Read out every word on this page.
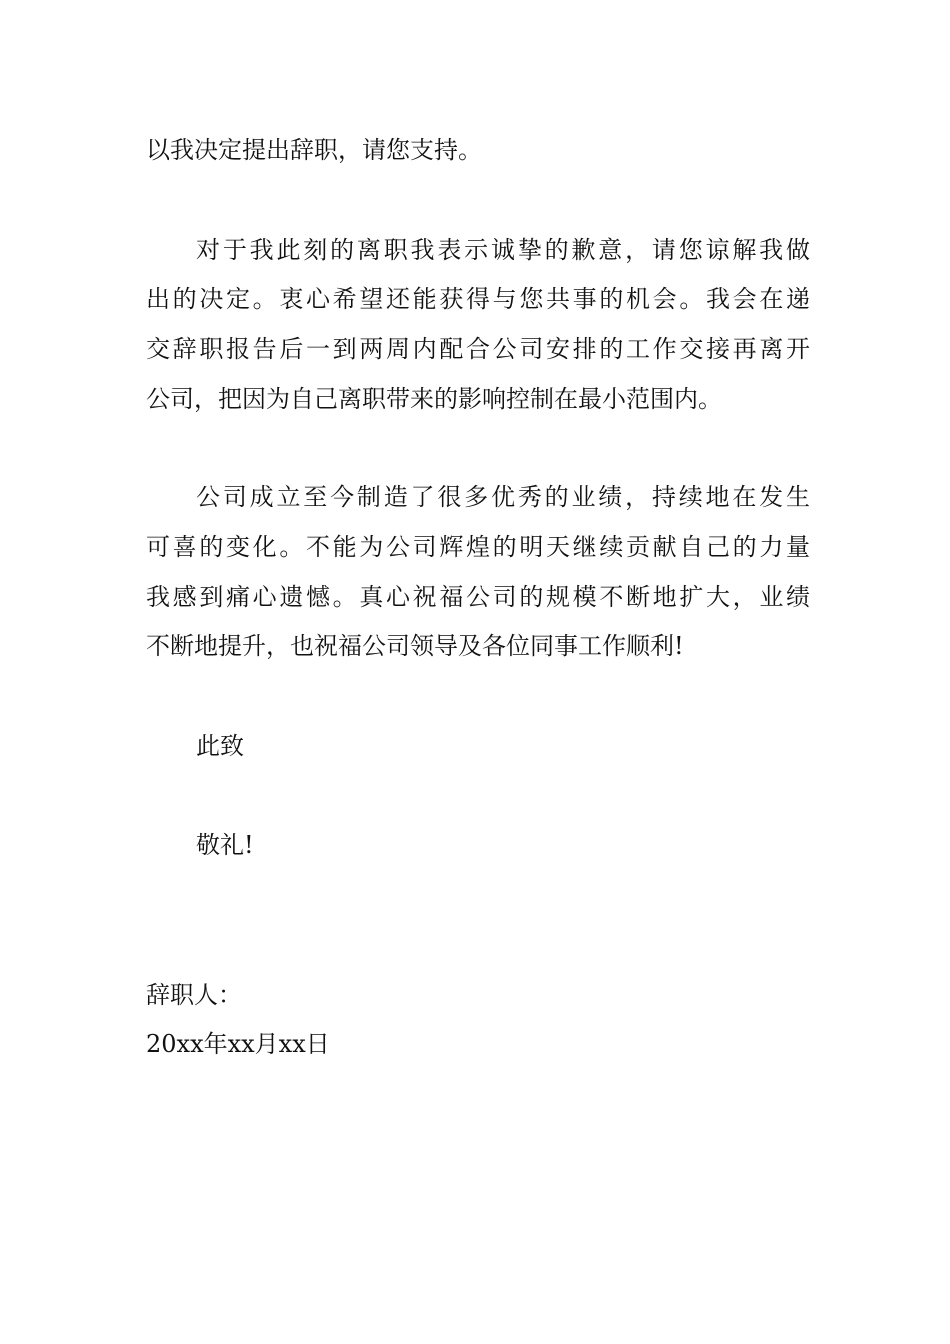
以我决定提出辞职，请您支持。
对于我此刻的离职我表示诚挚的歉意，请您谅解我做
出的决定。衷心希望还能获得与您共事的机会。我会在递
交辞职报告后一到两周内配合公司安排的工作交接再离开
公司，把因为自己离职带来的影响控制在最小范围内。
公司成立至今制造了很多优秀的业绩，持续地在发生
可喜的变化。不能为公司辉煌的明天继续贡献自己的力量
我感到痛心遗憾。真心祝福公司的规模不断地扩大，业绩
不断地提升，也祝福公司领导及各位同事工作顺利!
此致
敬礼!
辞职人：
20xx年xx月xx日
